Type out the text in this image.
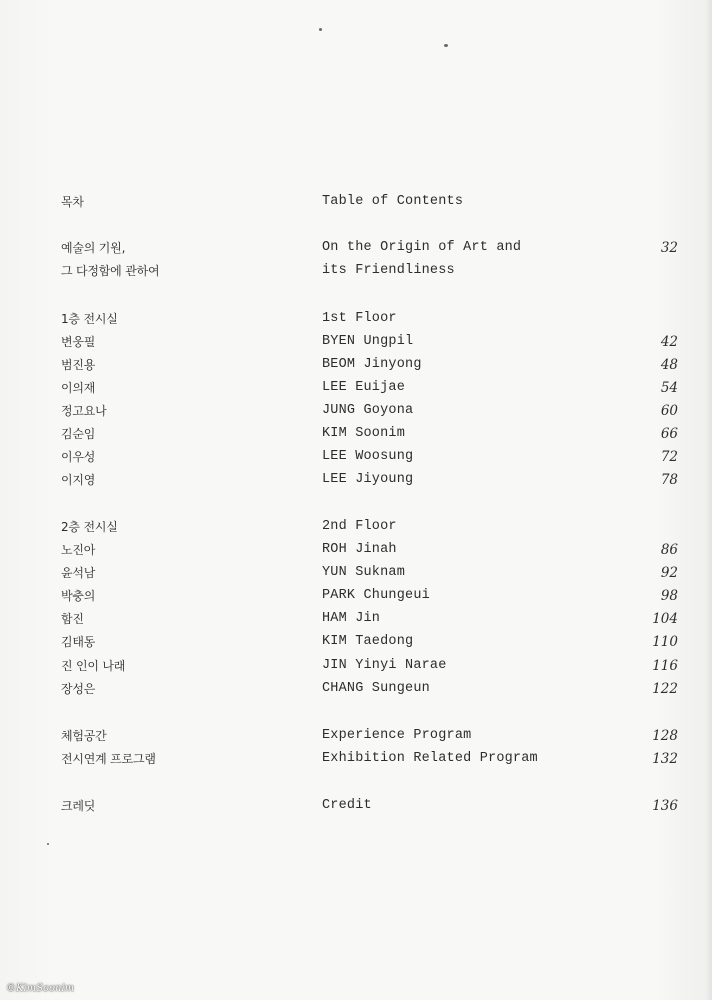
목차	Table of Contents
예술의 기원,	On the Origin of Art and	32
그 다정함에 관하여	its Friendliness
1층 전시실	1st Floor
변웅필	BYEN Ungpil	42
범진용	BEOM Jinyong	48
이의재	LEE Euijae	54
정고요나	JUNG Goyona	60
김순임	KIM Soonim	66
이우성	LEE Woosung	72
이지영	LEE Jiyoung	78
2층 전시실	2nd Floor
노진아	ROH Jinah	86
윤석남	YUN Suknam	92
박충의	PARK Chungeui	98
함진	HAM Jin	104
김태동	KIM Taedong	110
진 인이 나래	JIN Yinyi Narae	116
장성은	CHANG Sungeun	122
체험공간	Experience Program	128
전시연계 프로그램	Exhibition Related Program	132
크레딧	Credit	136
©KimSoonim
